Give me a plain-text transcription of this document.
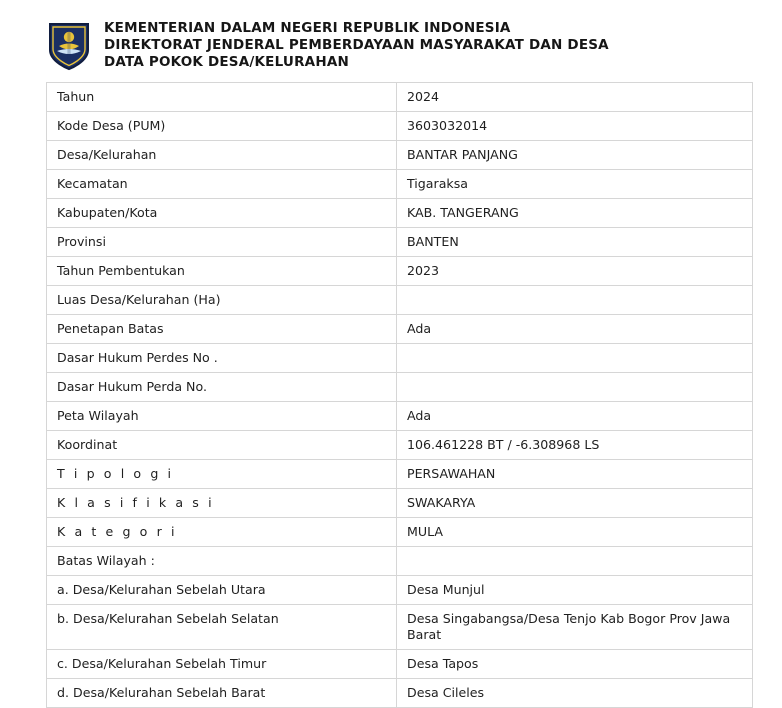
KEMENTERIAN DALAM NEGERI REPUBLIK INDONESIA
DIREKTORAT JENDERAL PEMBERDAYAAN MASYARAKAT DAN DESA
DATA POKOK DESA/KELURAHAN
Tahun	2024
Kode Desa (PUM)	3603032014
Desa/Kelurahan	BANTAR PANJANG
Kecamatan	Tigaraksa
Kabupaten/Kota	KAB. TANGERANG
Provinsi	BANTEN
Tahun Pembentukan	2023
Luas Desa/Kelurahan (Ha)	
Penetapan Batas	Ada
Dasar Hukum Perdes No .	
Dasar Hukum Perda No.	
Peta Wilayah	Ada
Koordinat	106.461228 BT / -6.308968 LS
T i p o l o g i	PERSAWAHAN
K l a s i f i k a s i	SWAKARYA
K a t e g o r i	MULA
Batas Wilayah :	
a. Desa/Kelurahan Sebelah Utara	Desa Munjul
b. Desa/Kelurahan Sebelah Selatan	Desa Singabangsa/Desa Tenjo Kab Bogor Prov Jawa Barat
c. Desa/Kelurahan Sebelah Timur	Desa Tapos
d. Desa/Kelurahan Sebelah Barat	Desa Cileles
